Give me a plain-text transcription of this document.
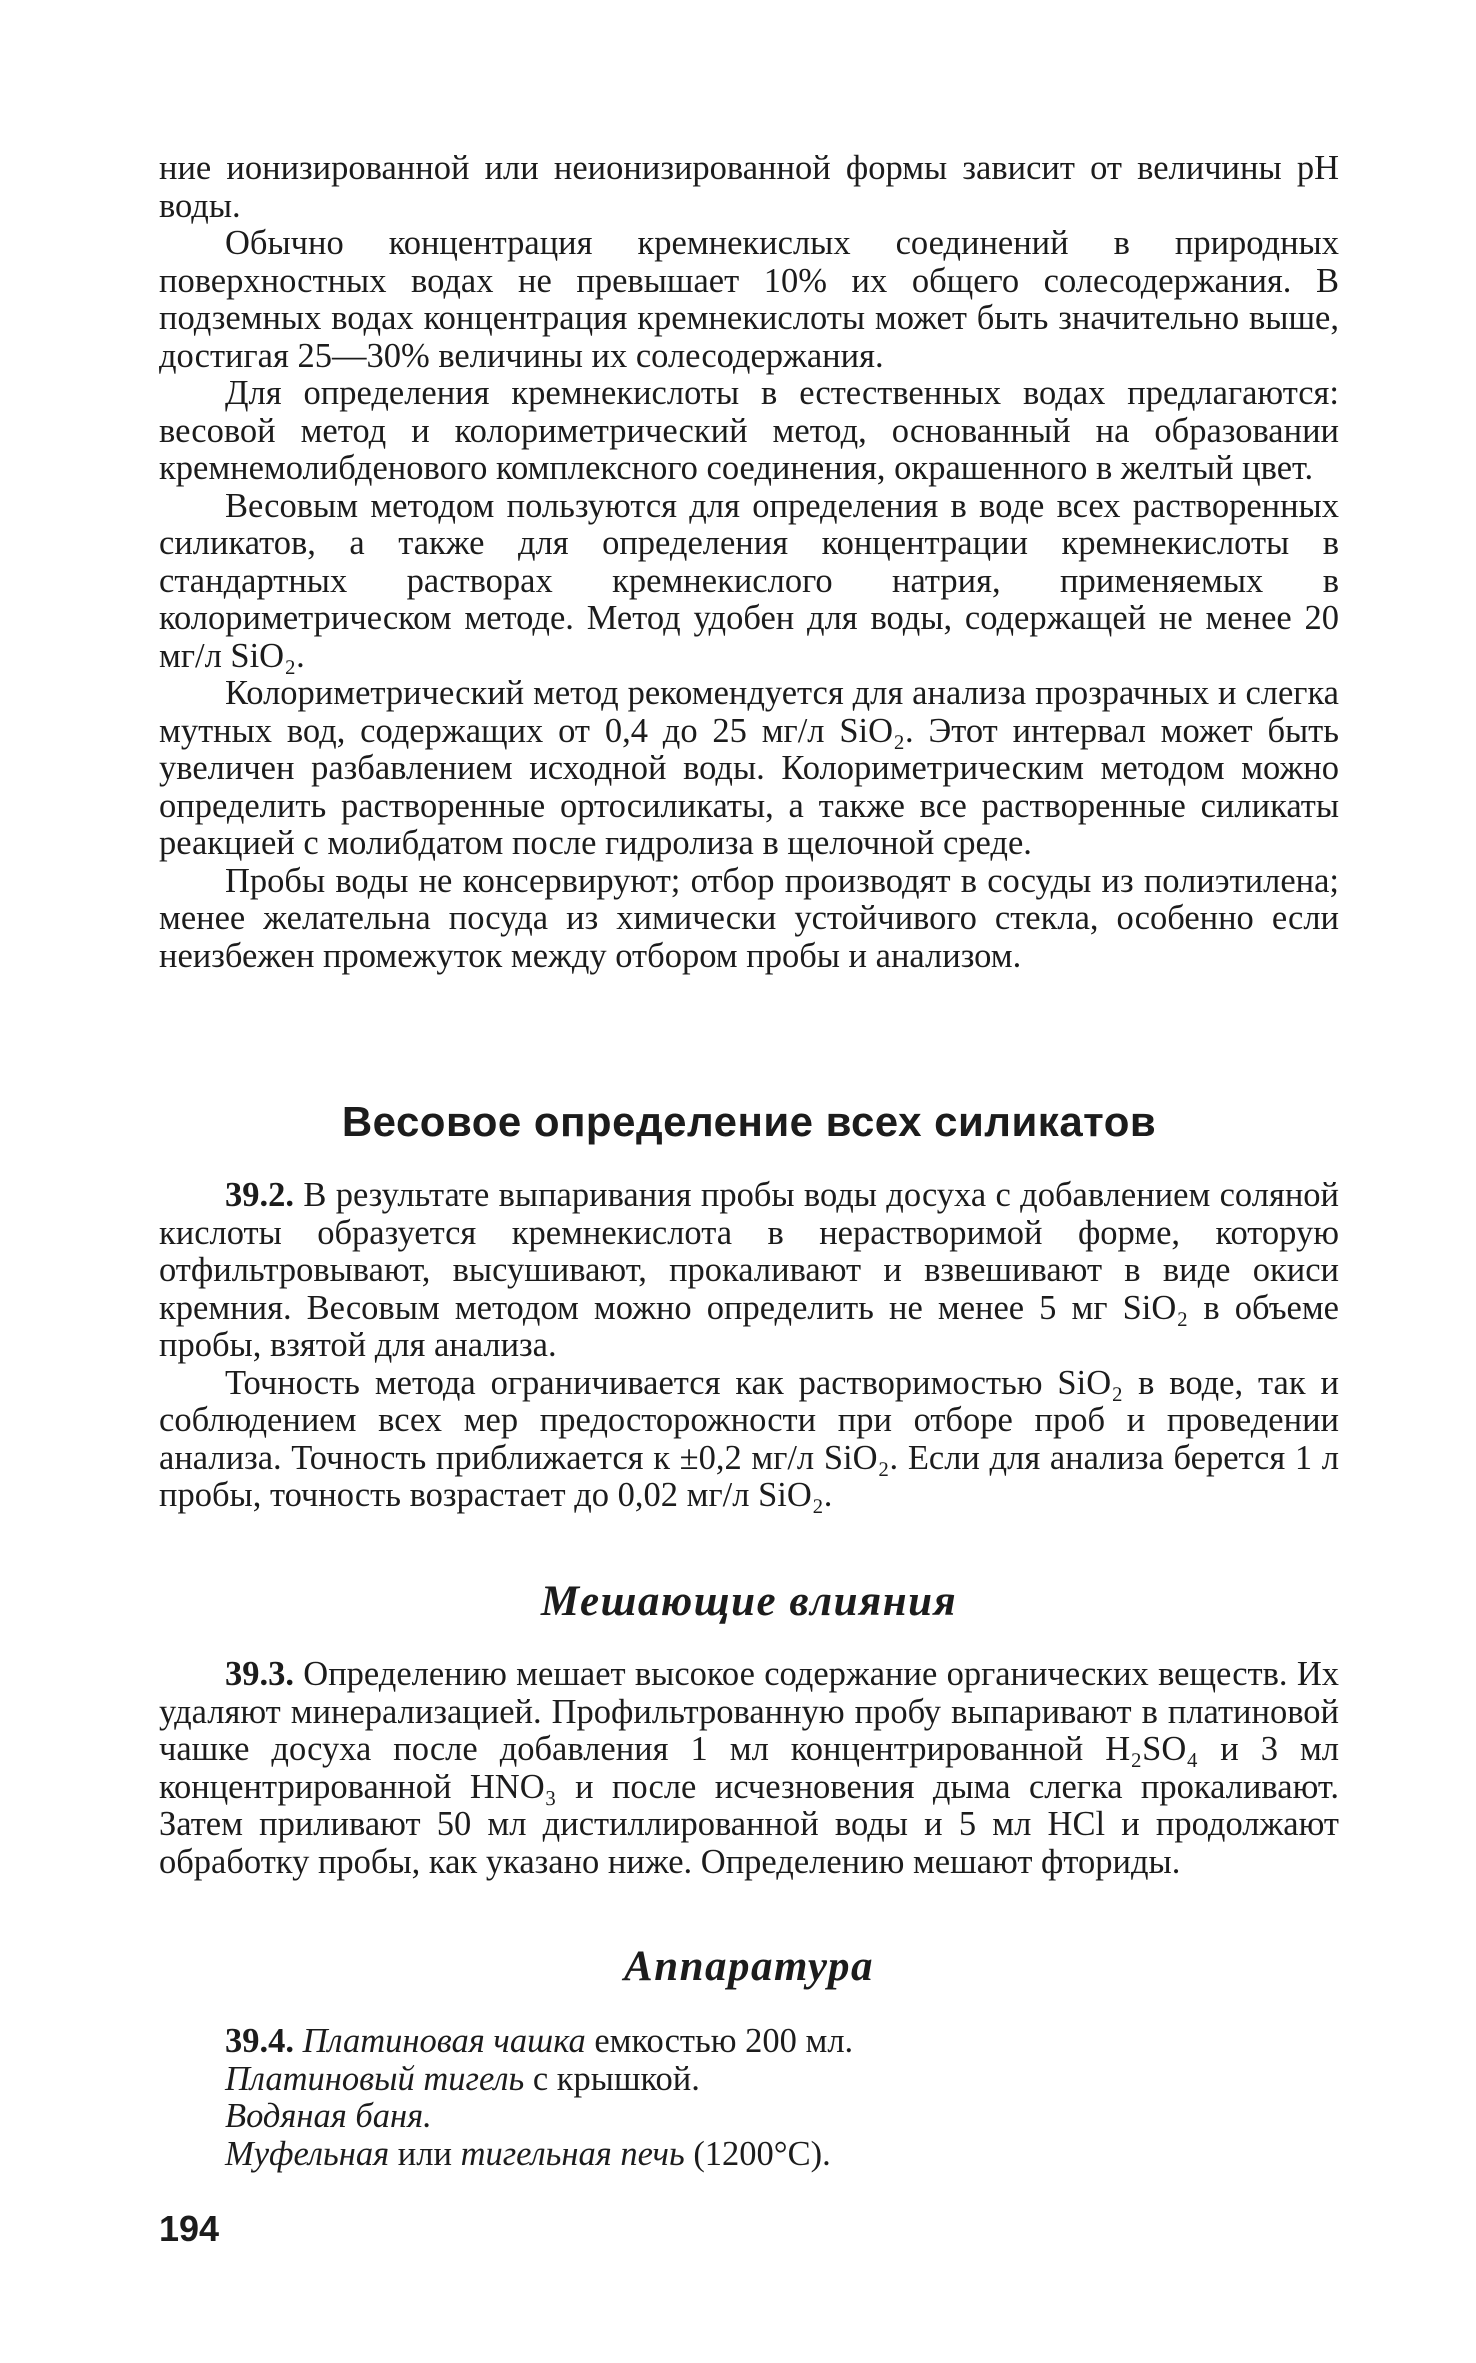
ние ионизированной или неионизированной формы зависит от величины рН воды.

Обычно концентрация кремнекислых соединений в природных поверхностных водах не превышает 10% их общего солесодержания. В подземных водах концентрация кремнекислоты может быть значительно выше, достигая 25—30% величины их солесодержания.

Для определения кремнекислоты в естественных водах предлагаются: весовой метод и колориметрический метод, основанный на образовании кремнемолибденового комплексного соединения, окрашенного в желтый цвет.

Весовым методом пользуются для определения в воде всех растворенных силикатов, а также для определения концентрации кремнекислоты в стандартных растворах кремнекислого натрия, применяемых в колориметрическом методе. Метод удобен для воды, содержащей не менее 20 мг/л SiO₂.

Колориметрический метод рекомендуется для анализа прозрачных и слегка мутных вод, содержащих от 0,4 до 25 мг/л SiO₂. Этот интервал может быть увеличен разбавлением исходной воды. Колориметрическим методом можно определить растворенные ортосиликаты, а также все растворенные силикаты реакцией с молибдатом после гидролиза в щелочной среде.

Пробы воды не консервируют; отбор производят в сосуды из полиэтилена; менее желательна посуда из химически устойчивого стекла, особенно если неизбежен промежуток между отбором пробы и анализом.

Весовое определение всех силикатов

39.2. В результате выпаривания пробы воды досуха с добавлением соляной кислоты образуется кремнекислота в нерастворимой форме, которую отфильтровывают, высушивают, прокаливают и взвешивают в виде окиси кремния. Весовым методом можно определить не менее 5 мг SiO₂ в объеме пробы, взятой для анализа.

Точность метода ограничивается как растворимостью SiO₂ в воде, так и соблюдением всех мер предосторожности при отборе проб и проведении анализа. Точность приближается к ±0,2 мг/л SiO₂. Если для анализа берется 1 л пробы, точность возрастает до 0,02 мг/л SiO₂.

Мешающие влияния

39.3. Определению мешает высокое содержание органических веществ. Их удаляют минерализацией. Профильтрованную пробу выпаривают в платиновой чашке досуха после добавления 1 мл концентрированной H₂SO₄ и 3 мл концентрированной HNO₃ и после исчезновения дыма слегка прокаливают. Затем приливают 50 мл дистиллированной воды и 5 мл HCl и продолжают обработку пробы, как указано ниже. Определению мешают фториды.

Аппаратура
39.4. Платиновая чашка емкостью 200 мл.
Платиновый тигель с крышкой.
Водяная баня.
Муфельная или тигельная печь (1200°С).
194
